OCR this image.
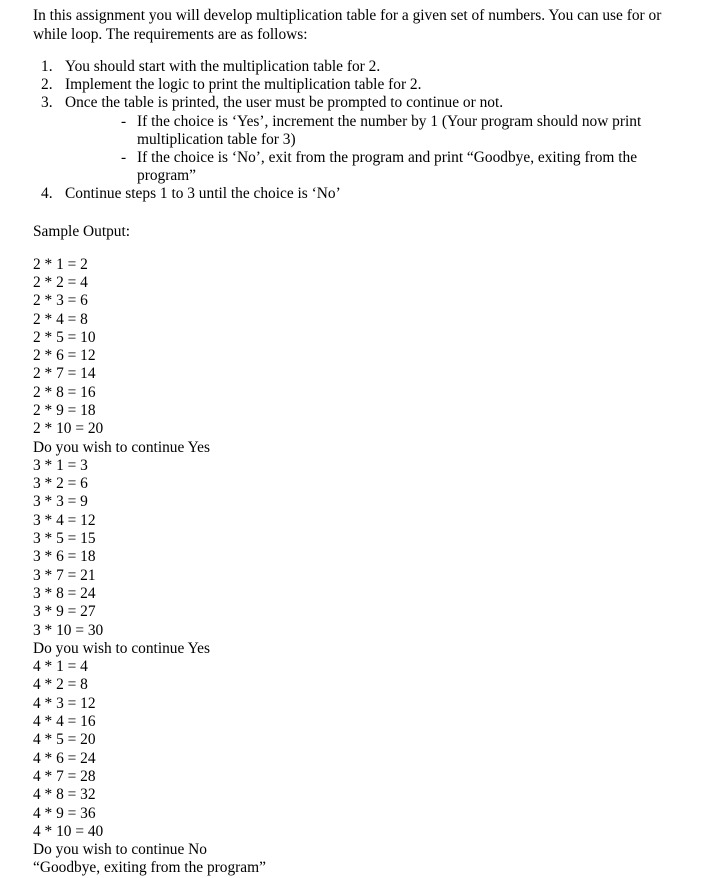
In this assignment you will develop multiplication table for a given set of numbers. You can use for or while loop. The requirements are as follows:

1. You should start with the multiplication table for 2.
2. Implement the logic to print the multiplication table for 2.
3. Once the table is printed, the user must be prompted to continue or not.
- If the choice is ‘Yes’, increment the number by 1 (Your program should now print multiplication table for 3)
- If the choice is ‘No’, exit from the program and print “Goodbye, exiting from the program”
4. Continue steps 1 to 3 until the choice is ‘No’

Sample Output:

2 * 1 = 2
2 * 2 = 4
2 * 3 = 6
2 * 4 = 8
2 * 5 = 10
2 * 6 = 12
2 * 7 = 14
2 * 8 = 16
2 * 9 = 18
2 * 10 = 20
Do you wish to continue Yes
3 * 1 = 3
3 * 2 = 6
3 * 3 = 9
3 * 4 = 12
3 * 5 = 15
3 * 6 = 18
3 * 7 = 21
3 * 8 = 24
3 * 9 = 27
3 * 10 = 30
Do you wish to continue Yes
4 * 1 = 4
4 * 2 = 8
4 * 3 = 12
4 * 4 = 16
4 * 5 = 20
4 * 6 = 24
4 * 7 = 28
4 * 8 = 32
4 * 9 = 36
4 * 10 = 40
Do you wish to continue No
“Goodbye, exiting from the program”
